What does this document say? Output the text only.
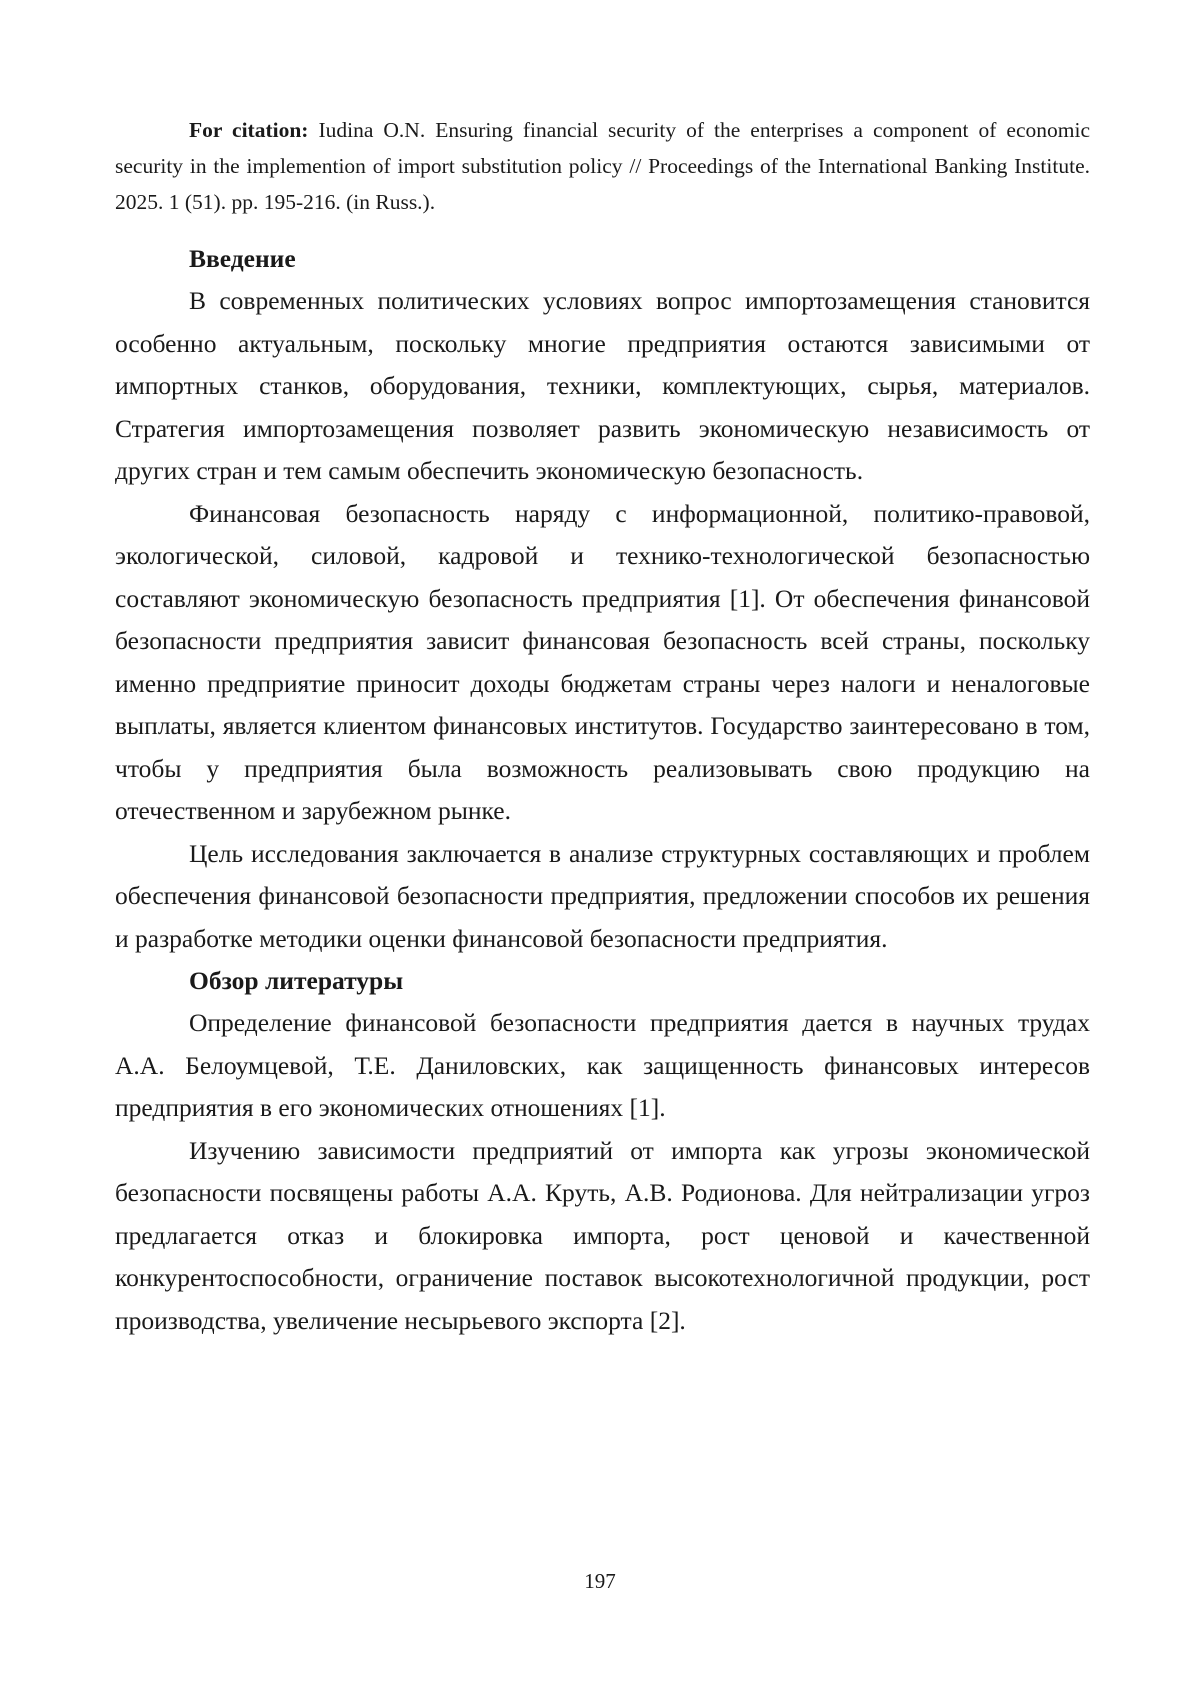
For citation: Iudina O.N. Ensuring financial security of the enterprises a component of economic security in the implemention of import substitution policy // Proceedings of the International Banking Institute. 2025. 1 (51). pp. 195-216. (in Russ.).

Введение

В современных политических условиях вопрос импортозамещения становится особенно актуальным, поскольку многие предприятия остаются зависимыми от импортных станков, оборудования, техники, комплектующих, сырья, материалов. Стратегия импортозамещения позволяет развить экономическую независимость от других стран и тем самым обеспечить экономическую безопасность.

Финансовая безопасность наряду с информационной, политико-правовой, экологической, силовой, кадровой и технико-технологической безопасностью составляют экономическую безопасность предприятия [1]. От обеспечения финансовой безопасности предприятия зависит финансовая безопасность всей страны, поскольку именно предприятие приносит доходы бюджетам страны через налоги и неналоговые выплаты, является клиентом финансовых институтов. Государство заинтересовано в том, чтобы у предприятия была возможность реализовывать свою продукцию на отечественном и зарубежном рынке.

Цель исследования заключается в анализе структурных составляющих и проблем обеспечения финансовой безопасности предприятия, предложении способов их решения и разработке методики оценки финансовой безопасности предприятия.

Обзор литературы

Определение финансовой безопасности предприятия дается в научных трудах А.А. Белоумцевой, Т.Е. Даниловских, как защищенность финансовых интересов предприятия в его экономических отношениях [1].

Изучению зависимости предприятий от импорта как угрозы экономической безопасности посвящены работы А.А. Круть, А.В. Родионова. Для нейтрализации угроз предлагается отказ и блокировка импорта, рост ценовой и качественной конкурентоспособности, ограничение поставок высокотехнологичной продукции, рост производства, увеличение несырьевого экспорта [2].

197
